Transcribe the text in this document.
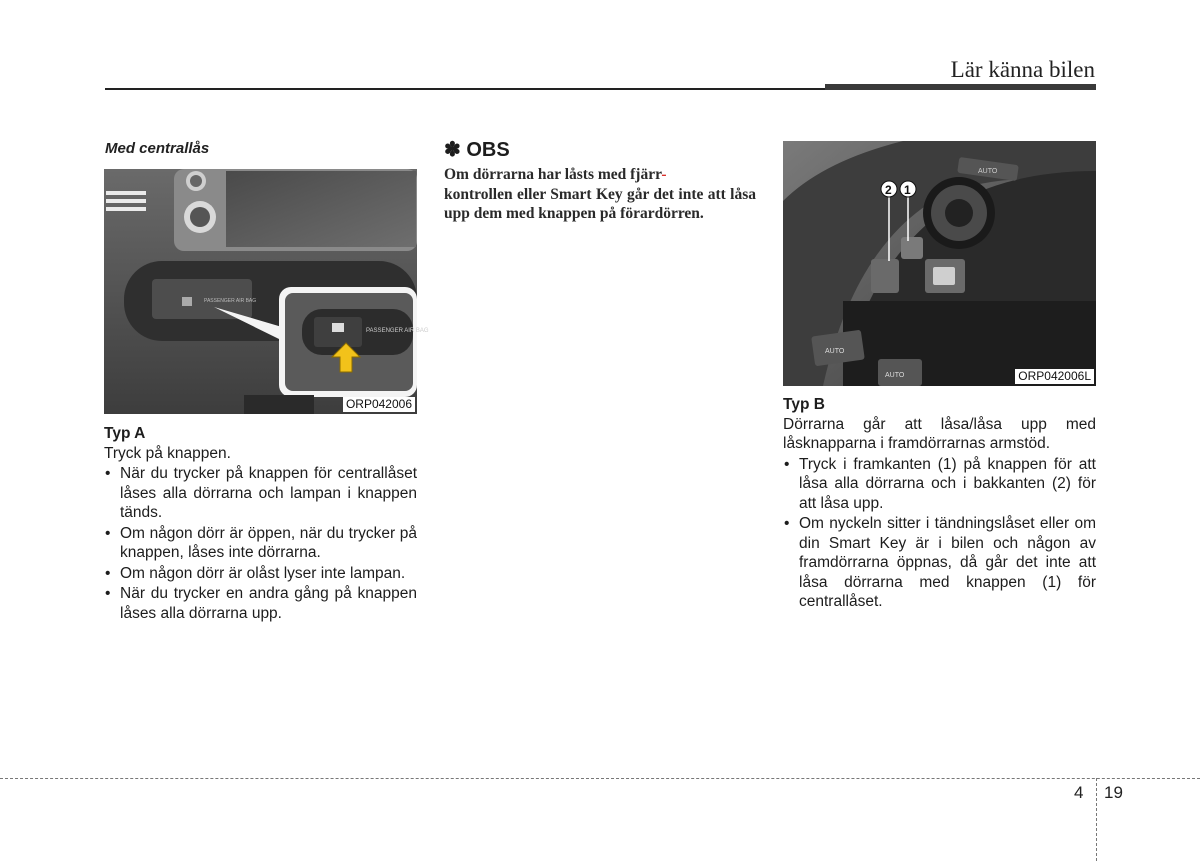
Lär känna bilen
Med centrallås
PASSENGER AIR BAG
PASSENGER AIR BAG
ORP042006
Typ A
Tryck på knappen.
• När du trycker på knappen för centrallåset låses alla dörrarna och lampan i knappen tänds.
• Om någon dörr är öppen, när du trycker på knappen, låses inte dörrarna.
• Om någon dörr är olåst lyser inte lampan.
• När du trycker en andra gång på knappen låses alla dörrarna upp.
✽ OBS
Om dörrarna har låsts med fjärr-
kontrollen eller Smart Key går det inte att låsa upp dem med knappen på förardörren.
AUTO
2 1
AUTO
AUTO	ORP042006L
Typ B
Dörrarna går att låsa/låsa upp med låsknapparna i framdörrarnas armstöd.
• Tryck i framkanten (1) på knappen för att låsa alla dörrarna och i bakkanten (2) för att låsa upp.
• Om nyckeln sitter i tändningslåset eller om din Smart Key är i bilen och någon av framdörrarna öppnas, då går det inte att låsa dörrarna med knappen (1) för centrallåset.
4 19
